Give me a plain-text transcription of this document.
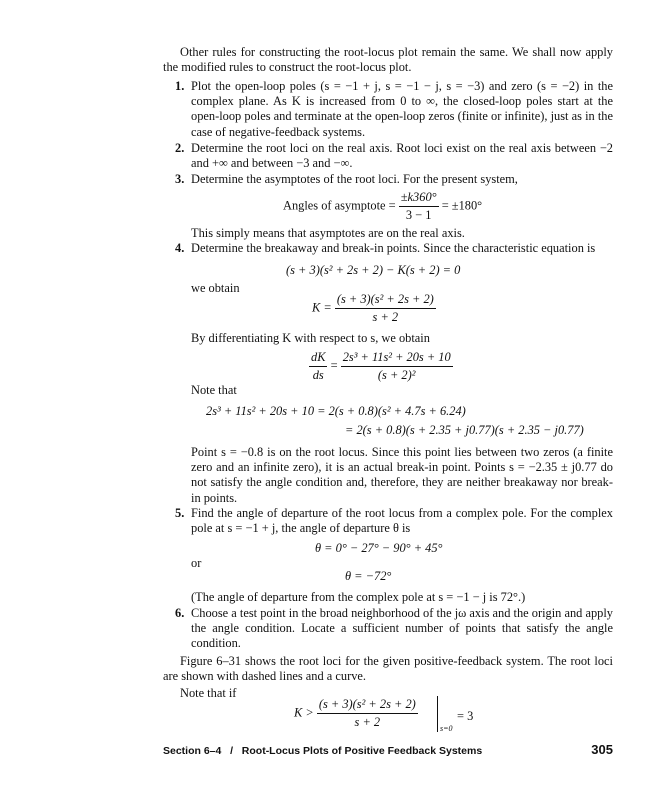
Other rules for constructing the root-locus plot remain the same. We shall now apply the modified rules to construct the root-locus plot.

1. Plot the open-loop poles (s = −1 + j, s = −1 − j, s = −3) and zero (s = −2) in the complex plane. As K is increased from 0 to ∞, the closed-loop poles start at the open-loop poles and terminate at the open-loop zeros (finite or infinite), just as in the case of negative-feedback systems.

2. Determine the root loci on the real axis. Root loci exist on the real axis between −2 and +∞ and between −3 and −∞.

3. Determine the asymptotes of the root loci. For the present system,

Angles of asymptote = $\frac{\pm k360^\circ}{3 - 1} = \pm 180^\circ$

This simply means that asymptotes are on the real axis.

4. Determine the breakaway and break-in points. Since the characteristic equation is

(s + 3)(s² + 2s + 2) − K(s + 2) = 0

we obtain

$K = \frac{\text{(s + 3)(s² + 2s + 2)}}{s + 2}$

By differentiating K with respect to s, we obtain

$\frac{dK}{ds} = \frac{\text{2s³ + 11s² + 20s + 10}}{\text{(s + 2)²}}$

Note that

2s³ + 11s² + 20s + 10 = 2(s + 0.8)(s² + 4.7s + 6.24)
= 2(s + 0.8)(s + 2.35 + j0.77)(s + 2.35 − j0.77)

Point s = −0.8 is on the root locus. Since this point lies between two zeros (a finite zero and an infinite zero), it is an actual break-in point. Points s = −2.35 ± j0.77 do not satisfy the angle condition and, therefore, they are neither breakaway nor break-in points.

5. Find the angle of departure of the root locus from a complex pole. For the complex pole at s = −1 + j, the angle of departure θ is

θ = 0° − 27° − 90° + 45°

or

θ = −72°

(The angle of departure from the complex pole at s = −1 − j is 72°.)

6. Choose a test point in the broad neighborhood of the jω axis and the origin and apply the angle condition. Locate a sufficient number of points that satisfy the angle condition.

Figure 6–31 shows the root loci for the given positive-feedback system. The root loci are shown with dashed lines and a curve.

Note that if

$K > \frac{\text{(s + 3)(s² + 2s + 2)}}{s + 2}$	s=0
= 3
Section 6–4   /   Root-Locus Plots of Positive Feedback Systems	305
